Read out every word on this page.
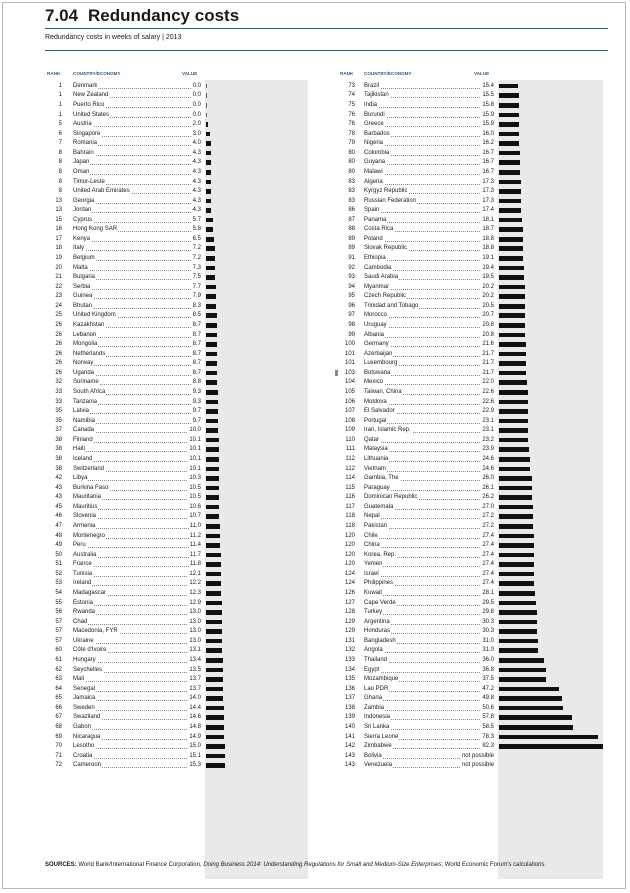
7.04 Redundancy costs
Redundancy costs in weeks of salary | 2013
RANK	COUNTRY/ECONOMY	VALUE	RANK COUNTRY/ECONOMY	VALUE
1 Denmark	0.0
1 New Zealand	0.0
1 Puerto Rico	0.0
1 United States	0.0
5 Austria	2.0
6 Singapore	3.0
7 Romania	4.0
8 Bahrain	4.3
8 Japan	4.3
8 Oman	4.3
8 Timor-Leste	4.3
8 United Arab Emirates	4.3
13 Georgia	4.3
13 Jordan	4.3
15 Cyprus	5.7
16 Hong Kong SAR	5.8
17 Kenya	6.5
18 Italy	7.2
19 Belgium	7.2
20 Malta	7.3
21 Bulgaria	7.5
22 Serbia	7.7
23 Guinea	7.9
24 Bhutan	8.3
25 United Kingdom	8.5
26 Kazakhstan	8.7
26 Lebanon	8.7
26 Mongolia	8.7
26 Netherlands	8.7
26 Norway	8.7
26 Uganda	8.7
32 Suriname	8.8
33 South Africa	9.3
33 Tanzania	9.3
35 Latvia	9.7
35 Namibia	9.7
37 Canada	10.0
38 Finland	10.1
38 Haiti	10.1
38 Iceland	10.1
38 Switzerland	10.1
42 Libya	10.3
43 Burkina Faso	10.5
43 Mauritania	10.5
45 Mauritius	10.6
46 Slovenia	10.7
47 Armenia	11.0
48 Montenegro	11.2
49 Peru	11.4
50 Australia	11.7
51 France	11.8
52 Tunisia	12.1
53 Ireland	12.2
54 Madagascar	12.3
55 Estonia	12.9
56 Rwanda	13.0
57 Chad	13.0
57 Macedonia, FYR	13.0
57 Ukraine	13.0
60 Côte d'Ivoire	13.1
61 Hungary	13.4
62 Seychelles	13.5
63 Mali	13.7
64 Senegal	13.7
65 Jamaica	14.0
66 Sweden	14.4
67 Swaziland	14.6
68 Gabon	14.8
69 Nicaragua	14.9
70 Lesotho	15.0
71 Croatia	15.1
72 Cameroon	15.3
73 Brazil	15.4
74 Tajikistan	15.5
75 India	15.8
76 Burundi	15.9
76 Greece	15.9
78 Barbados	16.0
79 Nigeria	16.2
80 Colombia	16.7
80 Guyana	16.7
80 Malawi	16.7
83 Algeria	17.3
83 Kyrgyz Republic	17.3
83 Russian Federation	17.3
86 Spain	17.4
87 Panama	18.1
88 Costa Rica	18.7
89 Poland	18.8
89 Slovak Republic	18.8
91 Ethiopia	19.1
92 Cambodia	19.4
93 Saudi Arabia	19.5
94 Myanmar	20.2
95 Czech Republic	20.2
96 Trinidad and Tobago	20.5
97 Morocco	20.7
98 Uruguay	20.8
99 Albania	20.8
100 Germany	21.6
101 Azerbaijan	21.7
101 Luxembourg	21.7
103 Botswana	21.7
104 Mexico	22.0
105 Taiwan, China	22.6
106 Moldova	22.6
107 El Salvador	22.9
108 Portugal	23.1
109 Iran, Islamic Rep.	23.1
110 Qatar	23.2
111 Malaysia	23.9
112 Lithuania	24.6
112 Vietnam	24.6
114 Gambia, The	26.0
115 Paraguay	26.1
116 Dominican Republic	26.2
117 Guatemala	27.0
118 Nepal	27.2
118 Pakistan	27.2
120 Chile	27.4
120 China	27.4
120 Korea, Rep.	27.4
120 Yemen	27.4
124 Israel	27.4
124 Philippines	27.4
126 Kuwait	28.1
127 Cape Verde	29.5
128 Turkey	29.8
129 Argentina	30.3
129 Honduras	30.3
131 Bangladesh	31.0
132 Angola	31.0
133 Thailand	36.0
134 Egypt	36.8
135 Mozambique	37.5
136 Lao PDR	47.2
137 Ghana	49.8
138 Zambia	50.6
139 Indonesia	57.8
140 Sri Lanka	58.5
141 Sierra Leone	78.3
142 Zimbabwe	82.3
143 Bolivia	not possible
143 Venezuela	not possible
SOURCES: World Bank/International Finance Corporation, Doing Business 2014: Understanding Regulations for Small and Medium-Size Enterprises; World Economic Forum's calculations
